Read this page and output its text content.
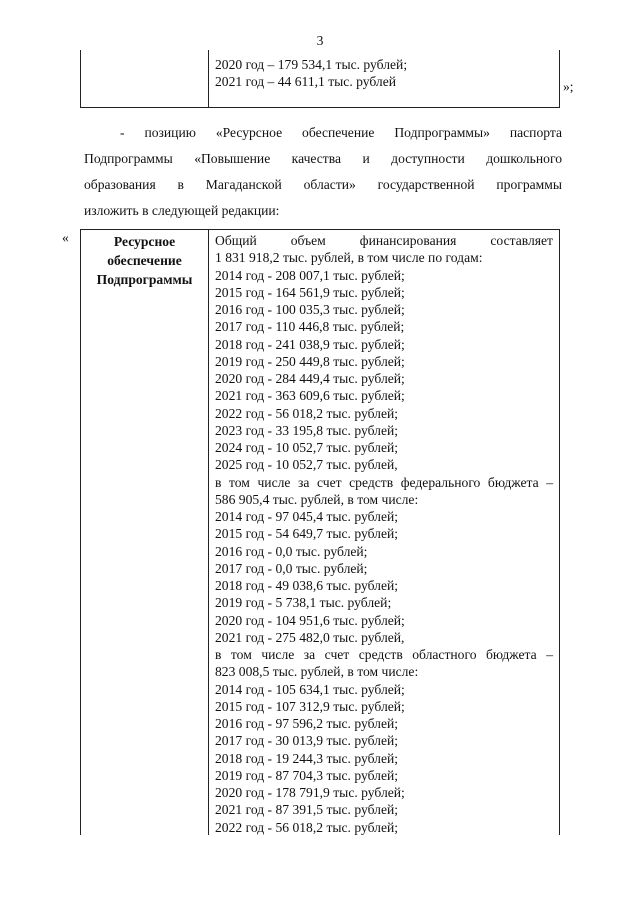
3
2020 год – 179 534,1 тыс. рублей;
2021 год – 44 611,1 тыс. рублей	»;
- позицию «Ресурсное обеспечение Подпрограммы» паспорта
Подпрограммы «Повышение качества и доступности дошкольного
образования в Магаданской области» государственной программы
изложить в следующей редакции:
«	Ресурсное
обеспечение
Подпрограммы
Общий объем финансирования составляет
1 831 918,2 тыс. рублей, в том числе по годам:
2014 год - 208 007,1 тыс. рублей;
2015 год - 164 561,9 тыс. рублей;
2016 год - 100 035,3 тыс. рублей;
2017 год - 110 446,8 тыс. рублей;
2018 год - 241 038,9 тыс. рублей;
2019 год - 250 449,8 тыс. рублей;
2020 год - 284 449,4 тыс. рублей;
2021 год - 363 609,6 тыс. рублей;
2022 год - 56 018,2 тыс. рублей;
2023 год - 33 195,8 тыс. рублей;
2024 год - 10 052,7 тыс. рублей;
2025 год - 10 052,7 тыс. рублей,
в том числе за счет средств федерального бюджета –
586 905,4 тыс. рублей, в том числе:
2014 год - 97 045,4 тыс. рублей;
2015 год - 54 649,7 тыс. рублей;
2016 год - 0,0 тыс. рублей;
2017 год - 0,0 тыс. рублей;
2018 год - 49 038,6 тыс. рублей;
2019 год - 5 738,1 тыс. рублей;
2020 год - 104 951,6 тыс. рублей;
2021 год - 275 482,0 тыс. рублей,
в том числе за счет средств областного бюджета –
823 008,5 тыс. рублей, в том числе:
2014 год - 105 634,1 тыс. рублей;
2015 год - 107 312,9 тыс. рублей;
2016 год - 97 596,2 тыс. рублей;
2017 год - 30 013,9 тыс. рублей;
2018 год - 19 244,3 тыс. рублей;
2019 год - 87 704,3 тыс. рублей;
2020 год - 178 791,9 тыс. рублей;
2021 год - 87 391,5 тыс. рублей;
2022 год - 56 018,2 тыс. рублей;
